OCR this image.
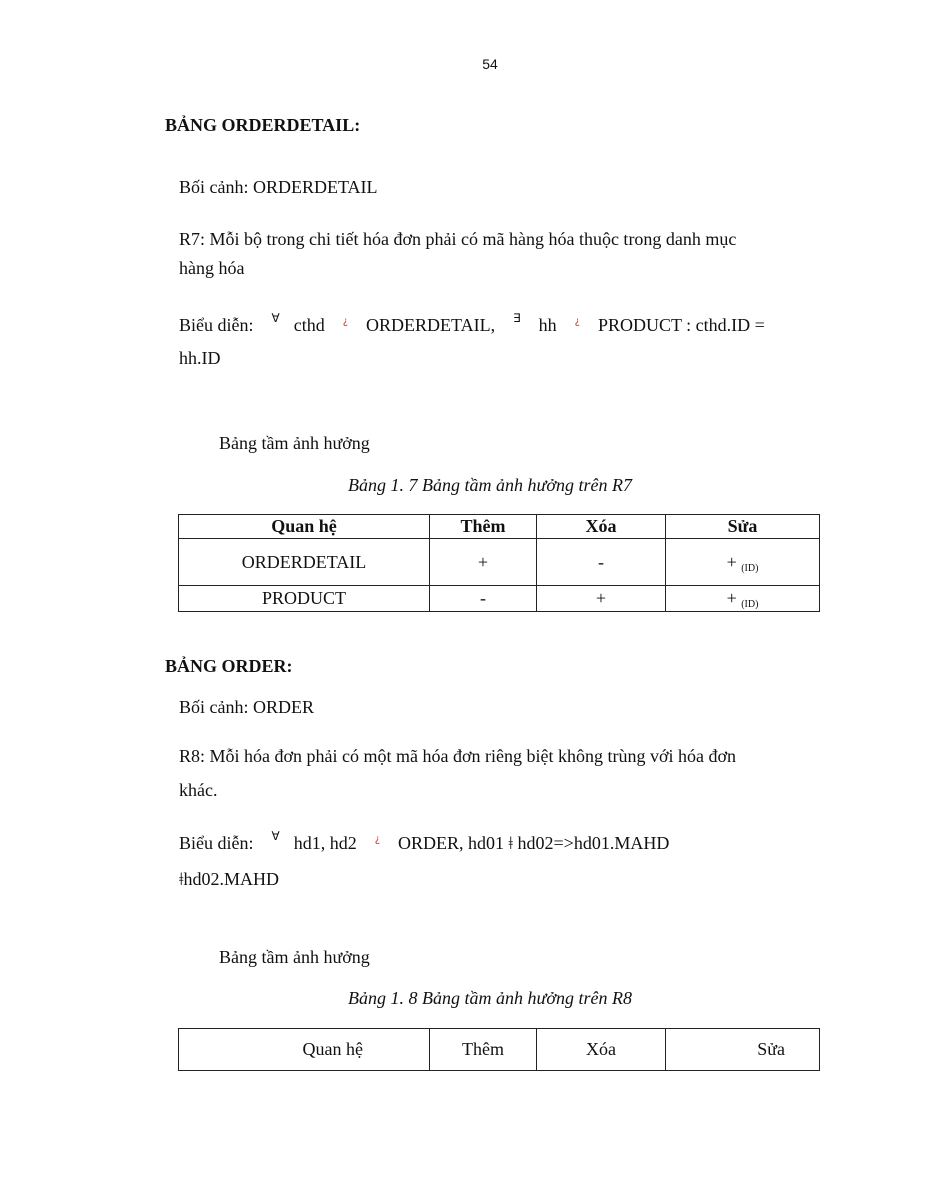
54

BẢNG ORDERDETAIL:

Bối cảnh: ORDERDETAIL

R7: Mỗi bộ trong chi tiết hóa đơn phải có mã hàng hóa thuộc trong danh mục

hàng hóa

Biểu diễn: ∀ cthd ¿ ORDERDETAIL, ∃ hh ¿ PRODUCT : cthd.ID =

hh.ID

Bảng tầm ảnh hưởng

Bảng 1. 7 Bảng tầm ảnh hưởng trên R7

Quan hệ	Thêm	Xóa	Sửa
ORDERDETAIL	+	-	+ (ID)
PRODUCT	-	+	+ (ID)

BẢNG ORDER:

Bối cảnh: ORDER

R8: Mỗi hóa đơn phải có một mã hóa đơn riêng biệt không trùng với hóa đơn

khác.

Biểu diễn: ∀ hd1, hd2 ¿ ORDER, hd01 ǂ hd02=>hd01.MAHD

ǂhd02.MAHD

Bảng tầm ảnh hưởng

Bảng 1. 8 Bảng tầm ảnh hưởng trên R8

Quan hệ	Thêm	Xóa	Sửa
